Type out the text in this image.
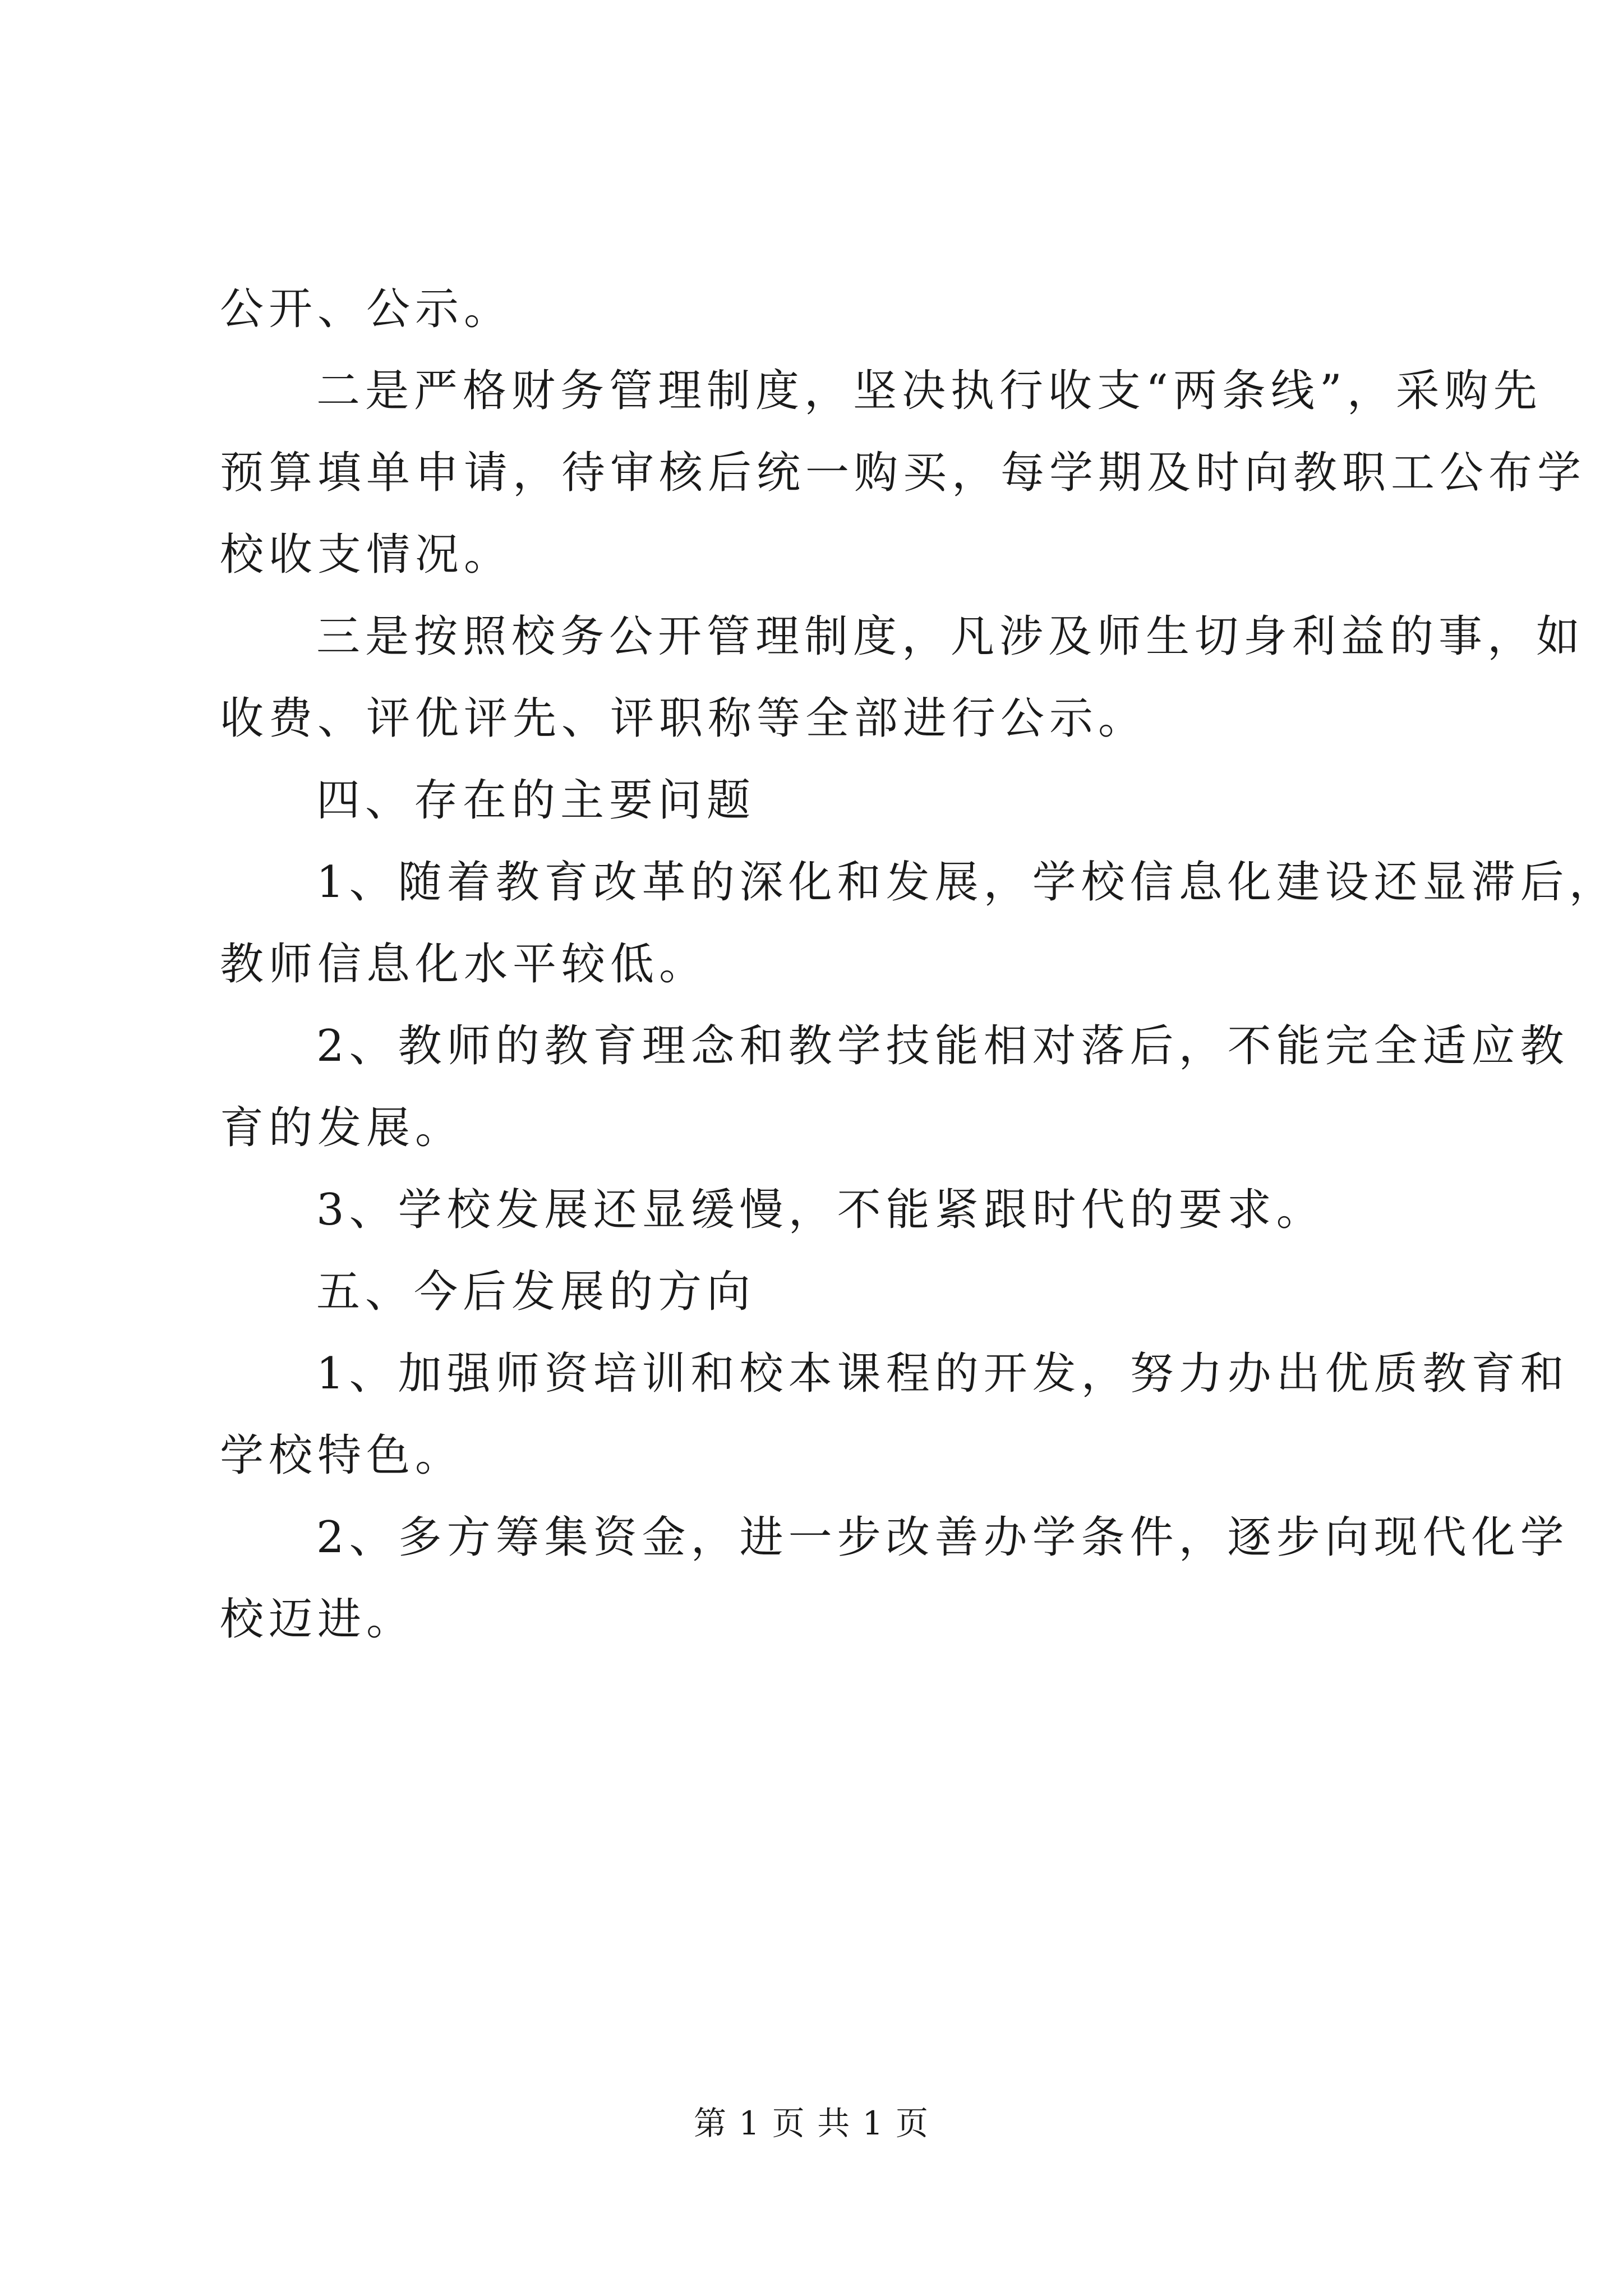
公开、公示。
二是严格财务管理制度，坚决执行收支“两条线”，采购先
预算填单申请，待审核后统一购买，每学期及时向教职工公布学
校收支情况。
三是按照校务公开管理制度，凡涉及师生切身利益的事，如
收费、评优评先、评职称等全部进行公示。
四、存在的主要问题
1、随着教育改革的深化和发展，学校信息化建设还显滞后，
教师信息化水平较低。
2、教师的教育理念和教学技能相对落后，不能完全适应教
育的发展。
3、学校发展还显缓慢，不能紧跟时代的要求。
五、今后发展的方向
1、加强师资培训和校本课程的开发，努力办出优质教育和
学校特色。
2、多方筹集资金，进一步改善办学条件，逐步向现代化学
校迈进。
第 1 页 共 1 页
